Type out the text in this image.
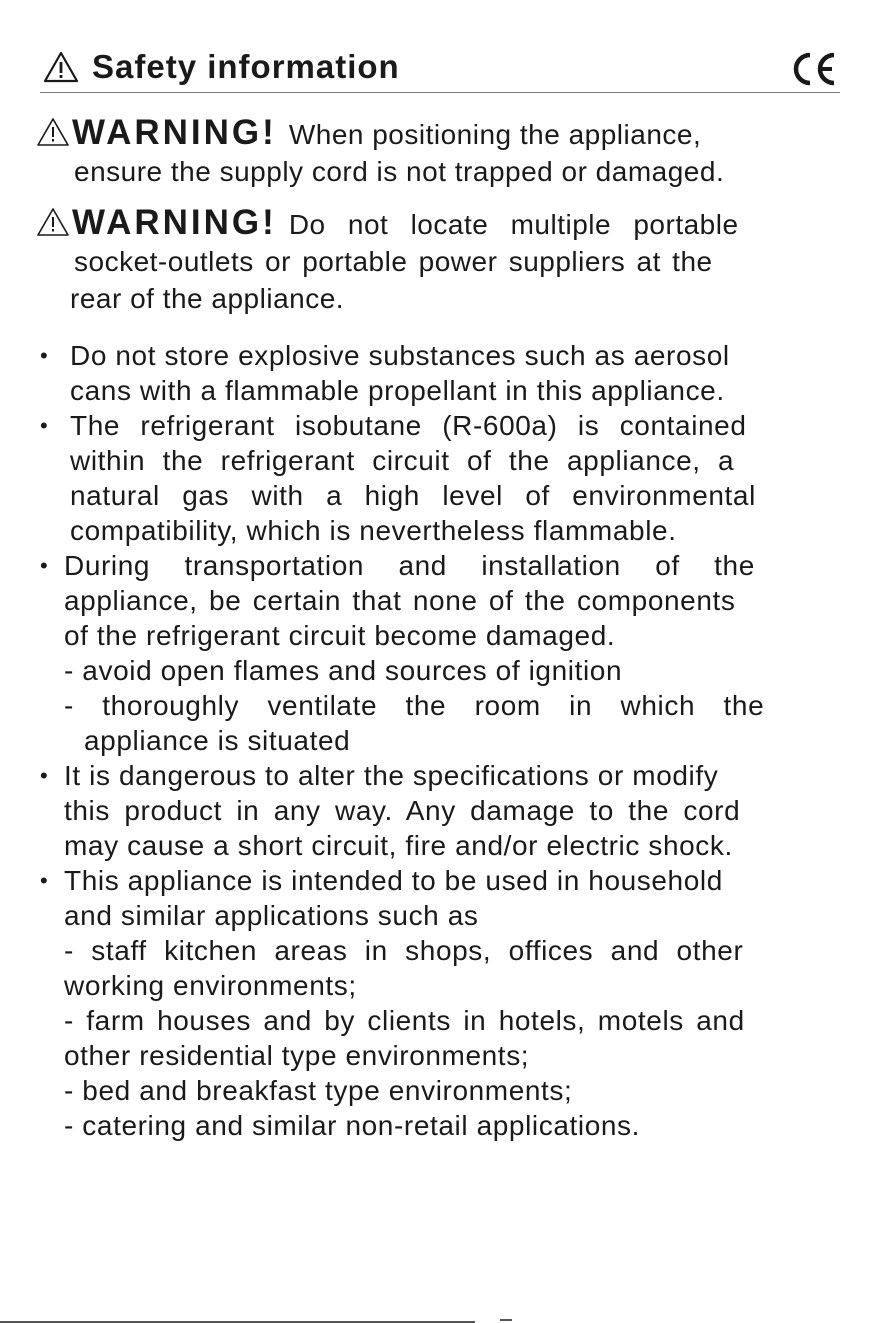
Safety information
WARNING! When positioning the appliance,
ensure the supply cord is not trapped or damaged.
WARNING! Do not locate multiple portable
socket-outlets or portable power suppliers at the
rear of the appliance.
• Do not store explosive substances such as aerosol
cans with a flammable propellant in this appliance.
• The refrigerant isobutane (R-600a) is contained
within the refrigerant circuit of the appliance, a
natural gas with a high level of environmental
compatibility, which is nevertheless flammable.
• During transportation and installation of the
appliance, be certain that none of the components
of the refrigerant circuit become damaged.
- avoid open flames and sources of ignition
- thoroughly ventilate the room in which the
appliance is situated
• It is dangerous to alter the specifications or modify
this product in any way. Any damage to the cord
may cause a short circuit, fire and/or electric shock.
• This appliance is intended to be used in household
and similar applications such as
- staff kitchen areas in shops, offices and other
working environments;
- farm houses and by clients in hotels, motels and
other residential type environments;
- bed and breakfast type environments;
- catering and similar non-retail applications.
